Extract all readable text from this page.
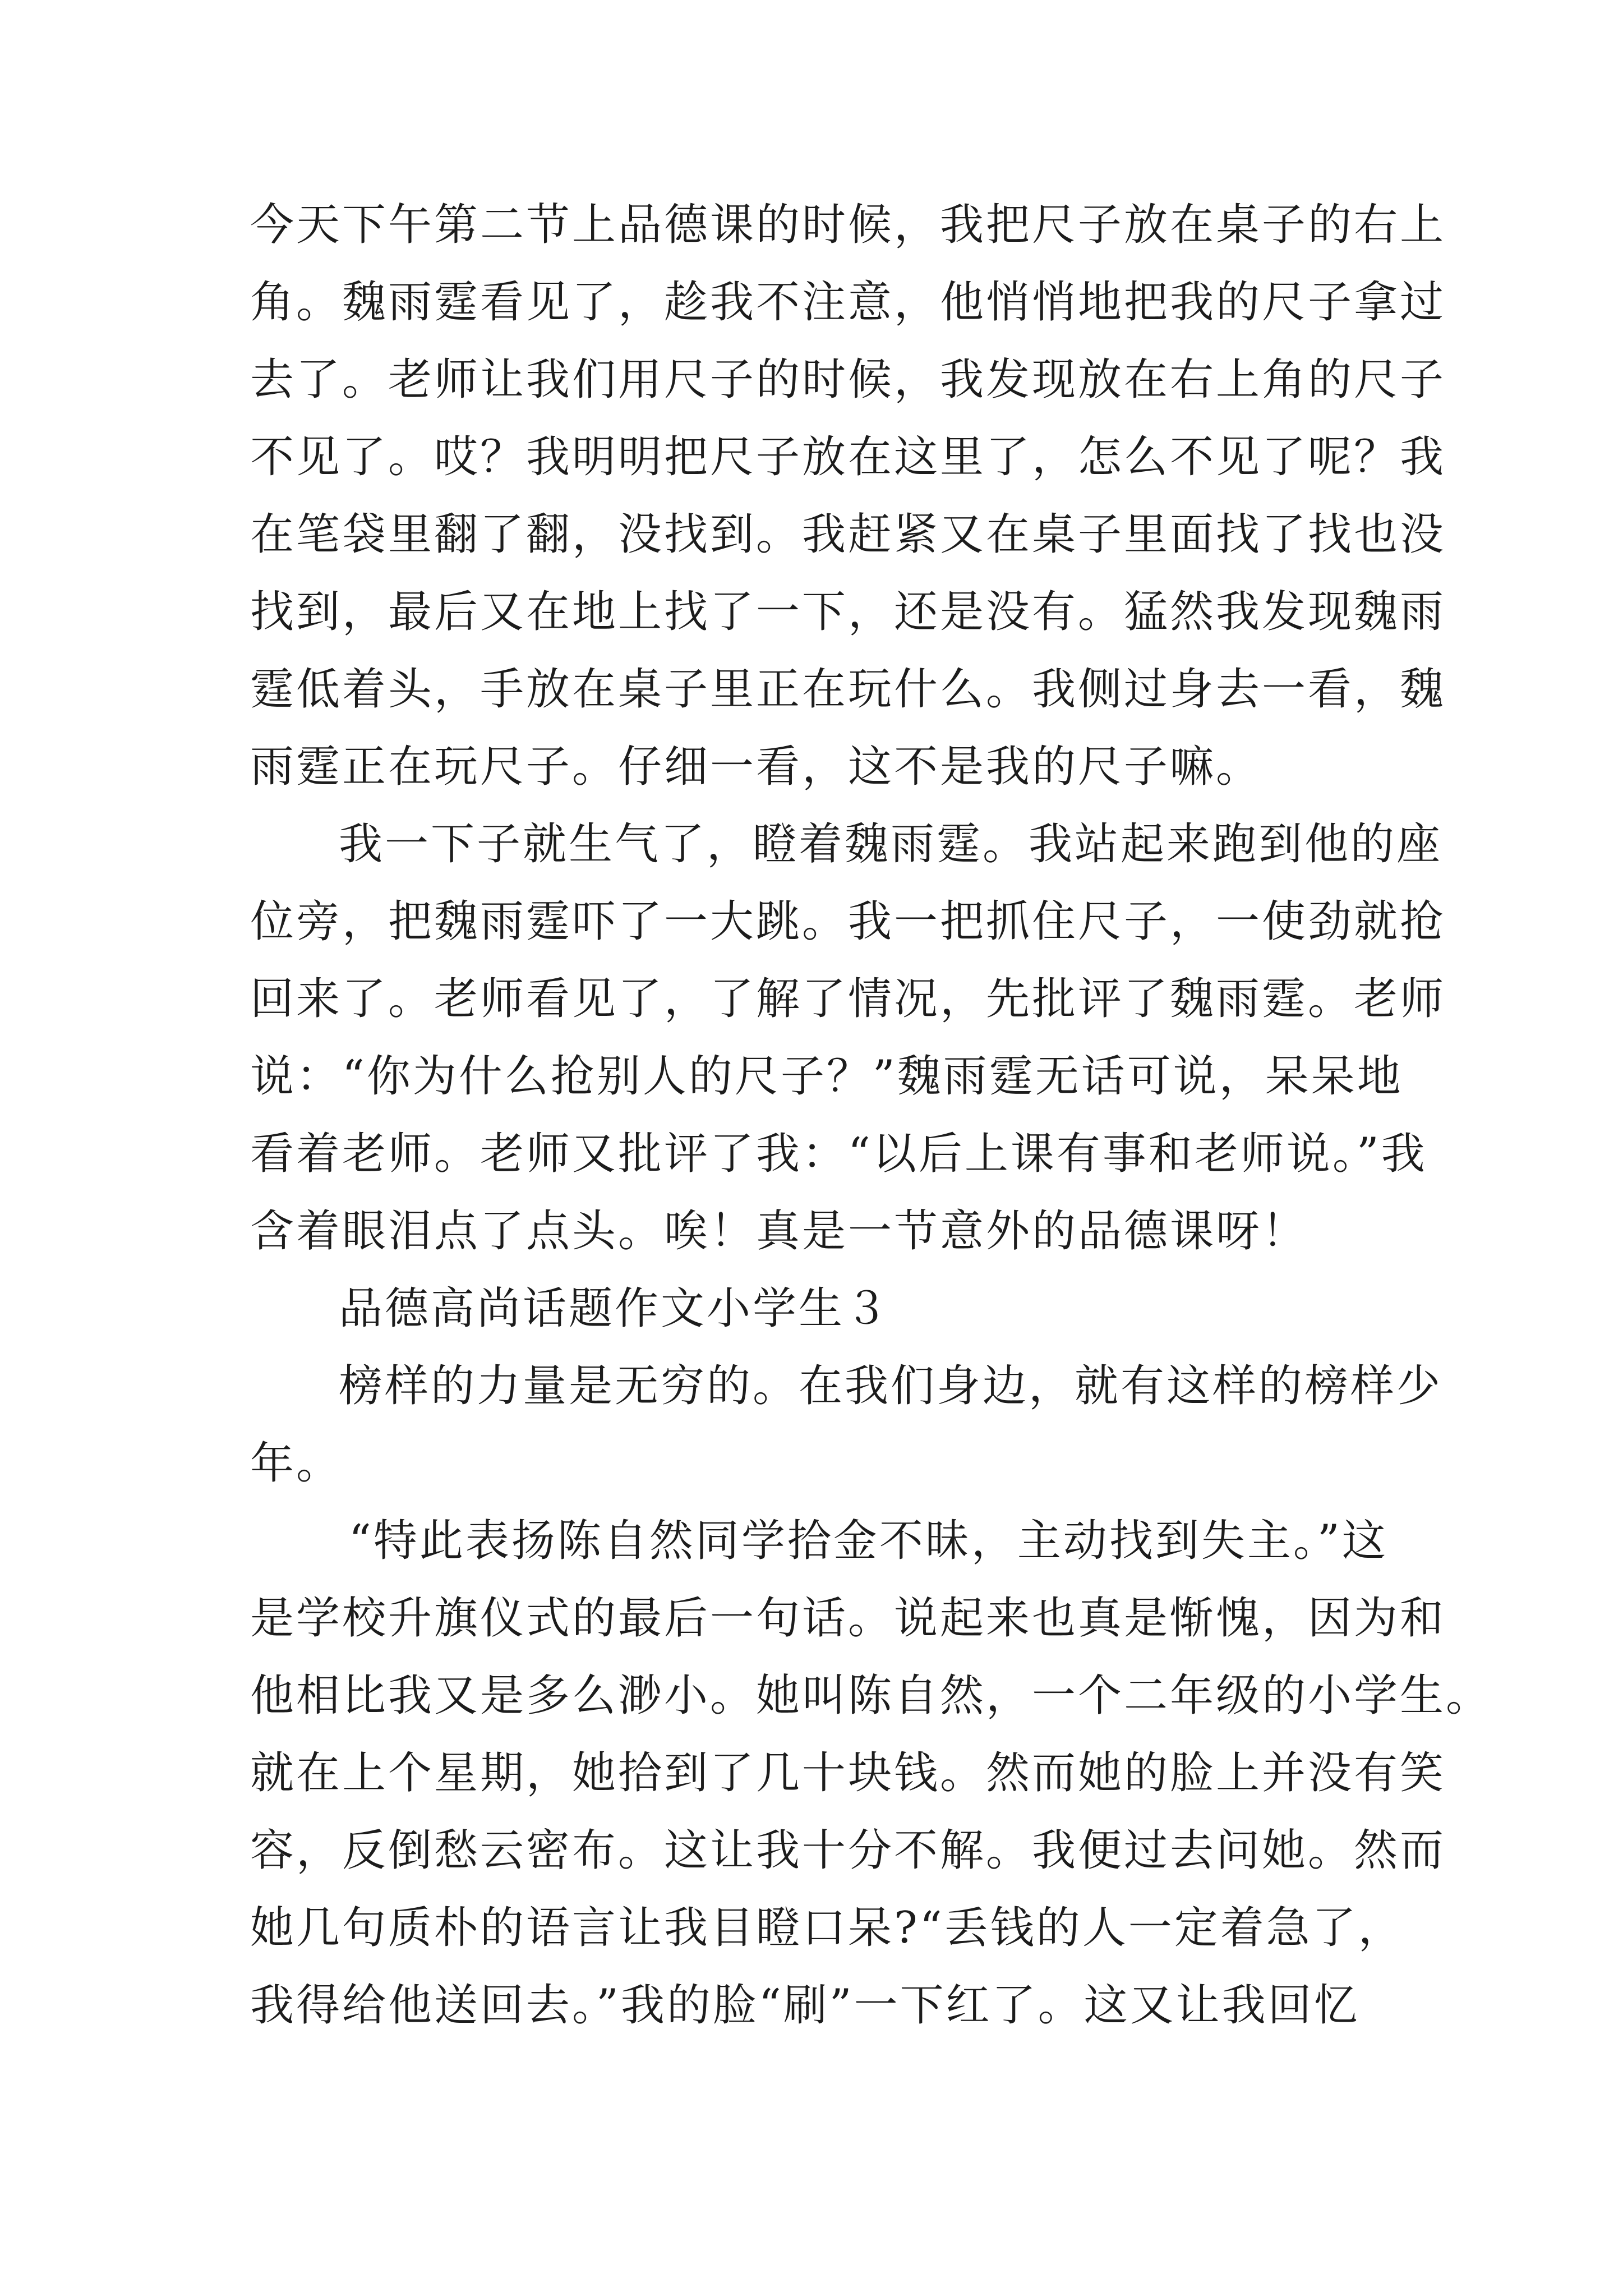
今天下午第二节上品德课的时候，我把尺子放在桌子的右上
角。魏雨霆看见了，趁我不注意，他悄悄地把我的尺子拿过
去了。老师让我们用尺子的时候，我发现放在右上角的尺子
不见了。哎？我明明把尺子放在这里了，怎么不见了呢？我
在笔袋里翻了翻，没找到。我赶紧又在桌子里面找了找也没
找到，最后又在地上找了一下，还是没有。猛然我发现魏雨
霆低着头，手放在桌子里正在玩什么。我侧过身去一看，魏
雨霆正在玩尺子。仔细一看，这不是我的尺子嘛。
我一下子就生气了，瞪着魏雨霆。我站起来跑到他的座
位旁，把魏雨霆吓了一大跳。我一把抓住尺子，一使劲就抢
回来了。老师看见了，了解了情况，先批评了魏雨霆。老师
说：“你为什么抢别人的尺子？”魏雨霆无话可说，呆呆地
看着老师。老师又批评了我：“以后上课有事和老师说。”我
含着眼泪点了点头。唉！真是一节意外的品德课呀！
品德高尚话题作文小学生３
榜样的力量是无穷的。在我们身边，就有这样的榜样少
年。
“特此表扬陈自然同学拾金不昧，主动找到失主。”这
是学校升旗仪式的最后一句话。说起来也真是惭愧，因为和
他相比我又是多么渺小。她叫陈自然，一个二年级的小学生。
就在上个星期，她拾到了几十块钱。然而她的脸上并没有笑
容，反倒愁云密布。这让我十分不解。我便过去问她。然而
她几句质朴的语言让我目瞪口呆?“丢钱的人一定着急了，
我得给他送回去。”我的脸“刷”一下红了。这又让我回忆
